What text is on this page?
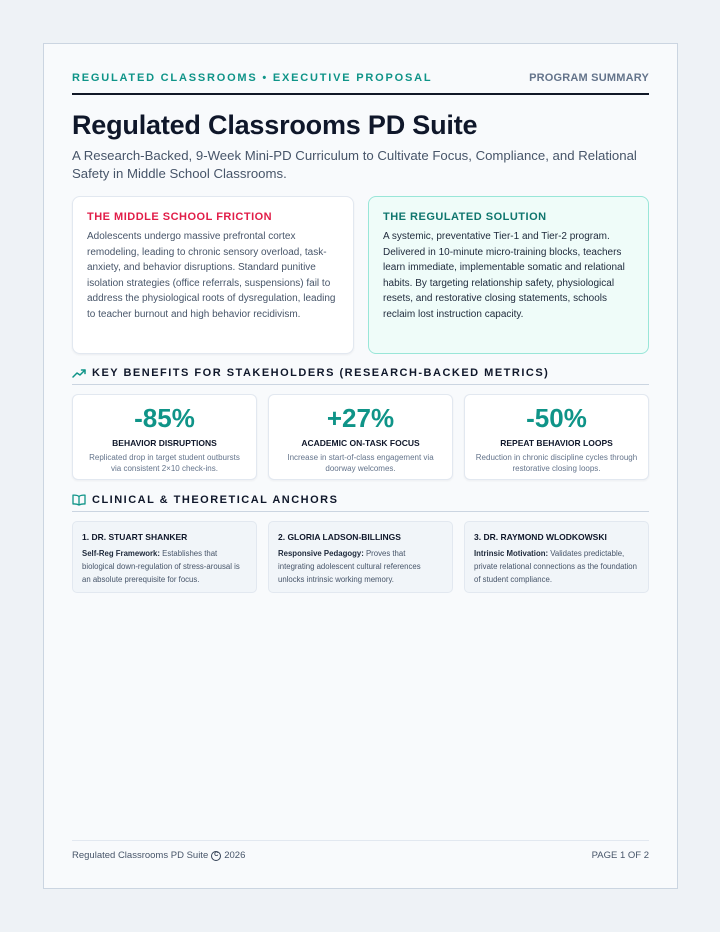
REGULATED CLASSROOMS • EXECUTIVE PROPOSAL	PROGRAM SUMMARY
Regulated Classrooms PD Suite

A Research-Backed, 9-Week Mini-PD Curriculum to Cultivate Focus, Compliance, and Relational Safety in Middle School Classrooms.

THE MIDDLE SCHOOL FRICTION
Adolescents undergo massive prefrontal cortex remodeling, leading to chronic sensory overload, task-anxiety, and behavior disruptions. Standard punitive isolation strategies (office referrals, suspensions) fail to address the physiological roots of dysregulation, leading to teacher burnout and high behavior recidivism.
THE REGULATED SOLUTION
A systemic, preventative Tier-1 and Tier-2 program. Delivered in 10-minute micro-training blocks, teachers learn immediate, implementable somatic and relational habits. By targeting relationship safety, physiological resets, and restorative closing statements, schools reclaim lost instruction capacity.
KEY BENEFITS FOR STAKEHOLDERS (RESEARCH-BACKED METRICS)
-85%
BEHAVIOR DISRUPTIONS
Replicated drop in target student outbursts via consistent 2×10 check-ins.
+27%
ACADEMIC ON-TASK FOCUS
Increase in start-of-class engagement via doorway welcomes.
-50%
REPEAT BEHAVIOR LOOPS
Reduction in chronic discipline cycles through restorative closing loops.
CLINICAL & THEORETICAL ANCHORS
1. DR. STUART SHANKER
Self-Reg Framework: Establishes that biological down-regulation of stress-arousal is an absolute prerequisite for focus.
2. GLORIA LADSON-BILLINGS
Responsive Pedagogy: Proves that integrating adolescent cultural references unlocks intrinsic working memory.
3. DR. RAYMOND WLODKOWSKI
Intrinsic Motivation: Validates predictable, private relational connections as the foundation of student compliance.
Regulated Classrooms PD Suite C 2026	PAGE 1 OF 2
